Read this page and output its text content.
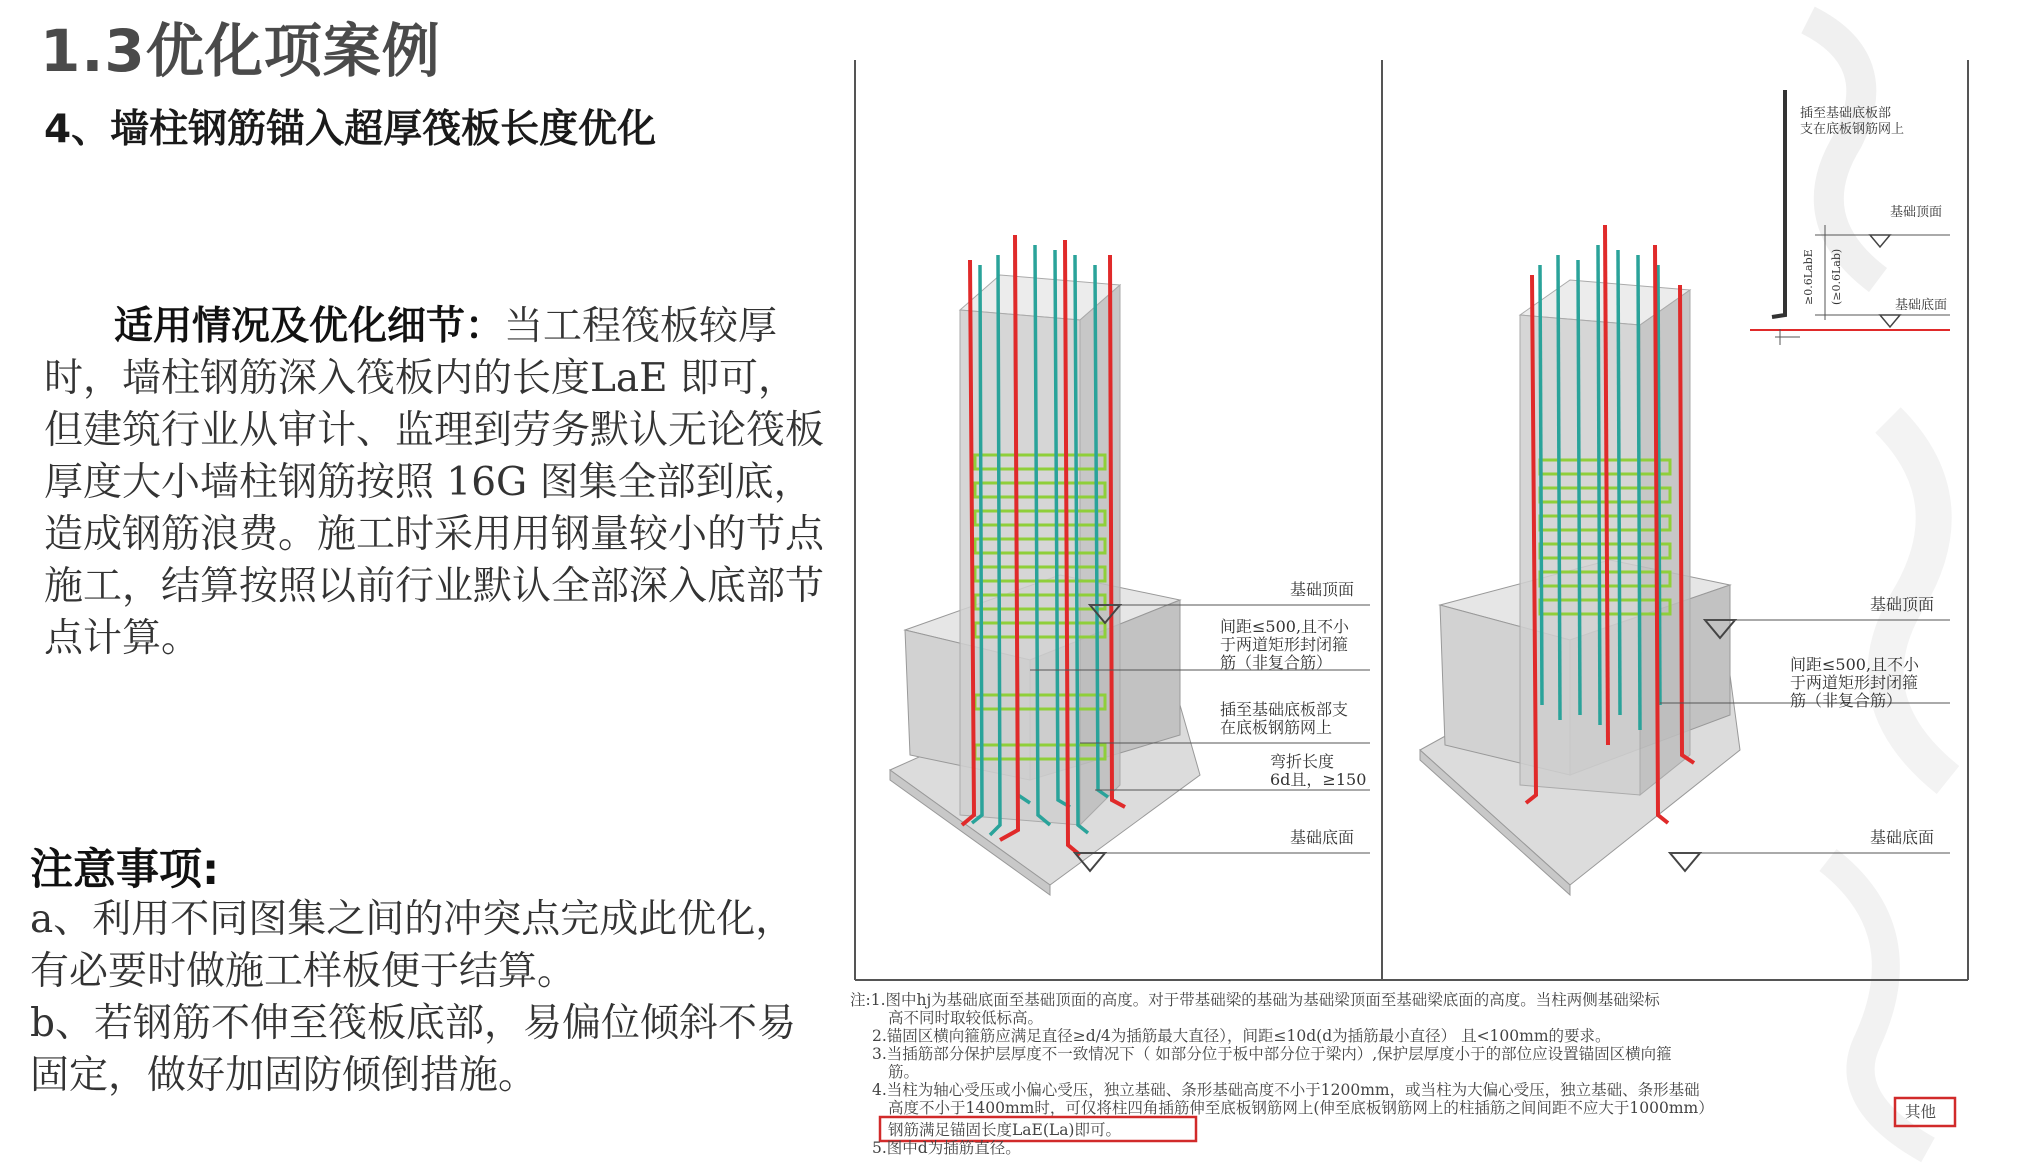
1.3优化项案例
4、墙柱钢筋锚入超厚筏板长度优化
适用情况及优化细节：当工程筏板较厚时，墙柱钢筋深入筏板内的长度LaE 即可，但建筑行业从审计、监理到劳务默认无论筏板厚度大小墙柱钢筋按照 16G 图集全部到底，造成钢筋浪费。施工时采用用钢量较小的节点施工，结算按照以前行业默认全部深入底部节点计算。
注意事项:
a、利用不同图集之间的冲突点完成此优化，有必要时做施工样板便于结算。
b、若钢筋不伸至筏板底部，易偏位倾斜不易固定，做好加固防倾倒措施。
基础顶面
间距≤500,且不小
于两道矩形封闭箍
筋（非复合筋）
插至基础底板部支
在底板钢筋网上
弯折长度
6d且，≥150
基础底面
基础顶面
间距≤500,且不小
于两道矩形封闭箍
筋（非复合筋）
基础底面
插至基础底板部
支在底板钢筋网上
基础顶面
基础底面
≥0.6LabE (≥0.6Lab)
注:1.图中hj为基础底面至基础顶面的高度。对于带基础梁的基础为基础梁顶面至基础梁底面的高度。当柱两侧基础梁标
高不同时取较低标高。
2.锚固区横向箍筋应满足直径≥d/4为插筋最大直径），间距≤10d(d为插筋最小直径） 且<100mm的要求。
3.当插筋部分保护层厚度不一致情况下（ 如部分位于板中部分位于梁内）,保护层厚度小于的部位应设置锚固区横向箍
筋。
4.当柱为轴心受压或小偏心受压，独立基础、条形基础高度不小于1200mm，或当柱为大偏心受压，独立基础、条形基础
高度不小于1400mm时，可仅将柱四角插筋伸至底板钢筋网上(伸至底板钢筋网上的柱插筋之间间距不应大于1000mm）
钢筋满足锚固长度LaE(La)即可。
其他
5.图中d为插筋直径。
